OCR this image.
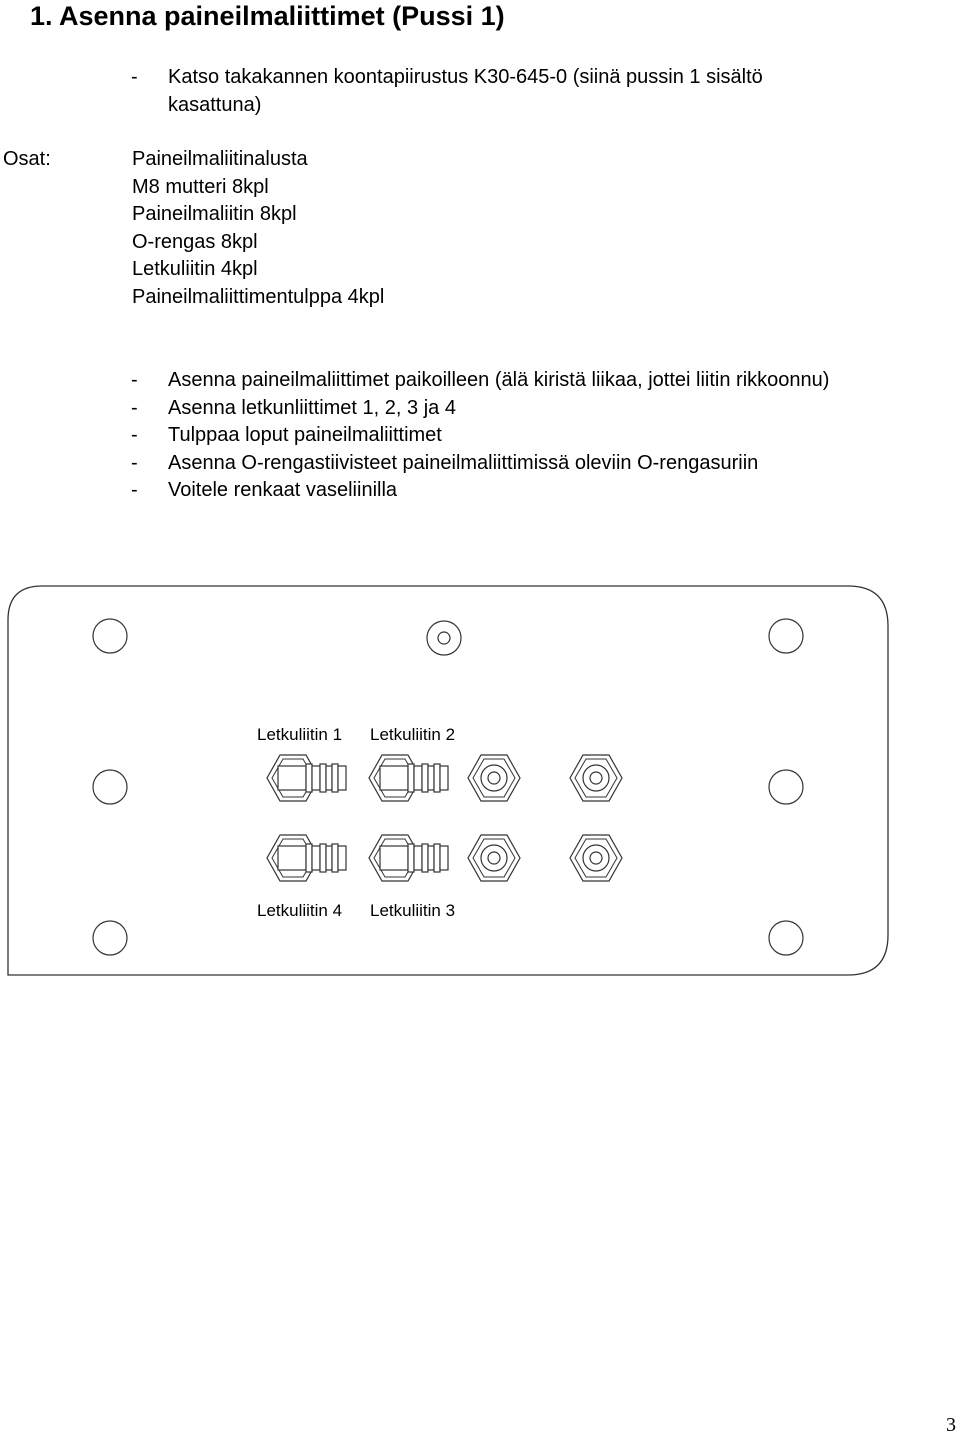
1. Asenna paineilmaliittimet (Pussi 1)
- Katso takakannen koontapiirustus K30-645-0 (siinä pussin 1 sisältö
kasattuna)
Osat:	Paineilmaliitinalusta
M8 mutteri 8kpl
Paineilmaliitin 8kpl
O-rengas 8kpl
Letkuliitin 4kpl
Paineilmaliittimentulppa 4kpl
- Asenna paineilmaliittimet paikoilleen (älä kiristä liikaa, jottei liitin rikkoonnu)
- Asenna letkunliittimet 1, 2, 3 ja 4
- Tulppaa loput paineilmaliittimet
- Asenna O-rengastiivisteet paineilmaliittimissä oleviin O-rengasuriin
- Voitele renkaat vaseliinilla
Letkuliitin 1 Letkuliitin 2
Letkuliitin 4 Letkuliitin 3
3
